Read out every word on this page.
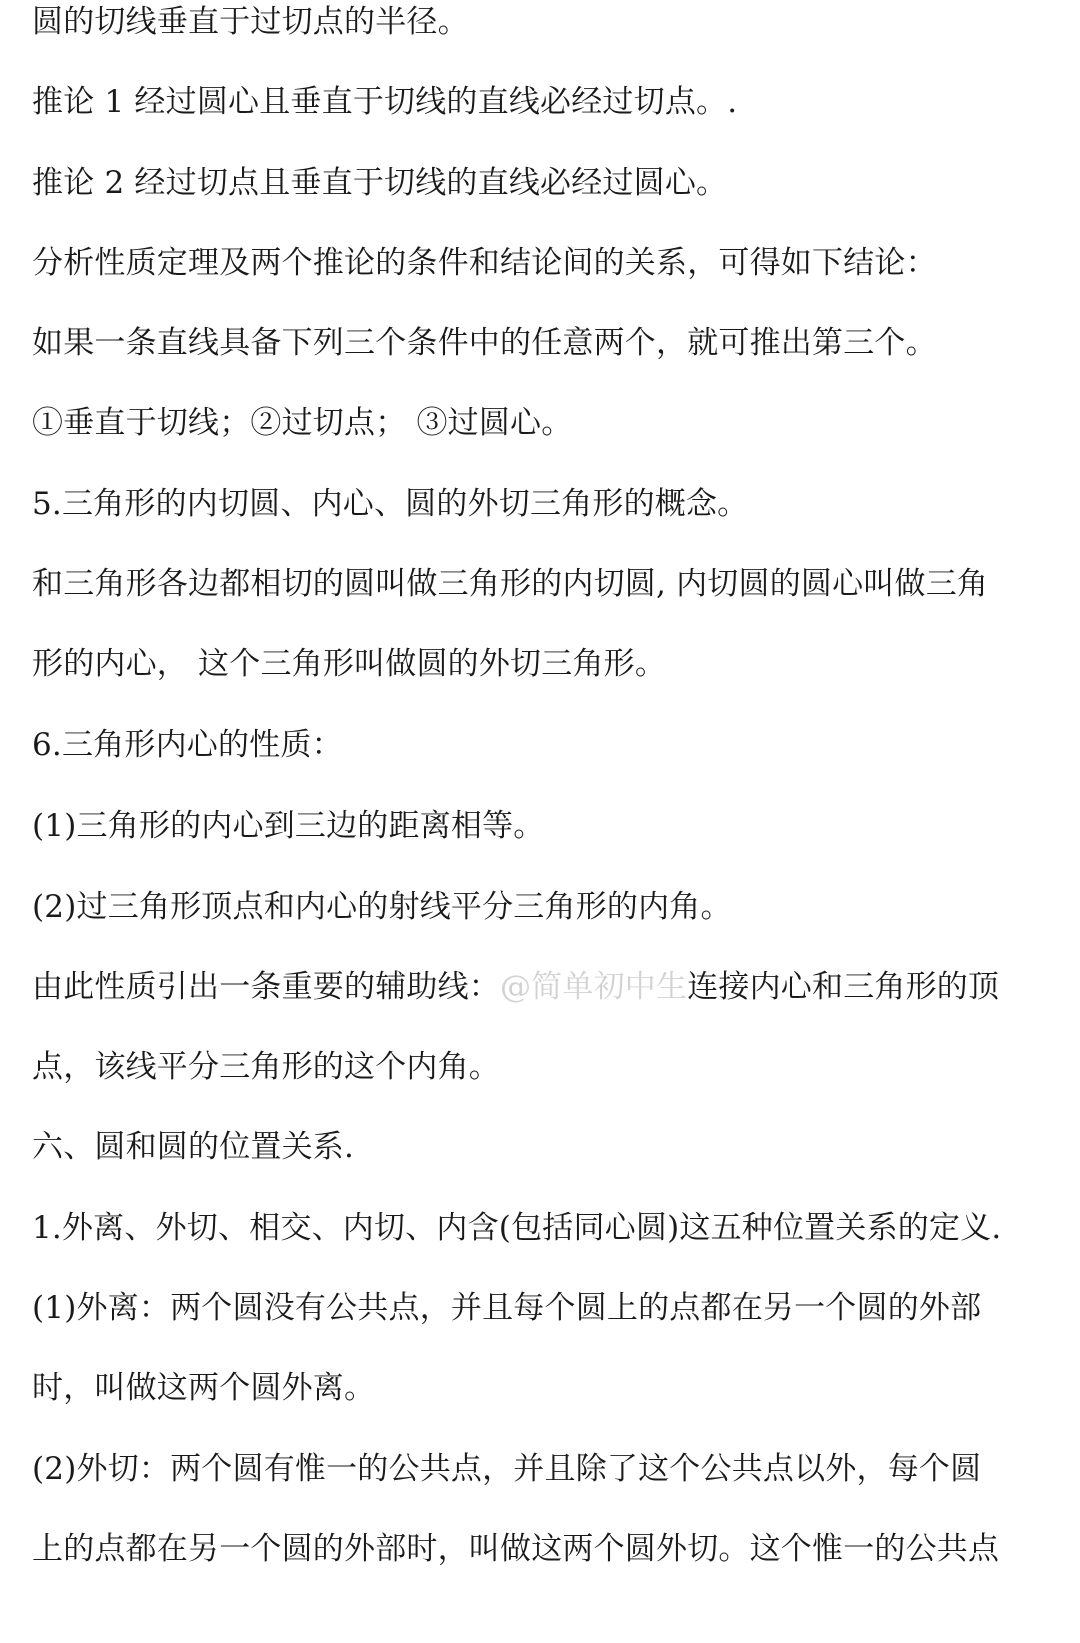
圆的切线垂直于过切点的半径。
推论 1 经过圆心且垂直于切线的直线必经过切点。.
推论 2 经过切点且垂直于切线的直线必经过圆心。
分析性质定理及两个推论的条件和结论间的关系，可得如下结论：
如果一条直线具备下列三个条件中的任意两个，就可推出第三个。
①垂直于切线；②过切点； ③过圆心。
5.三角形的内切圆、内心、圆的外切三角形的概念。
和三角形各边都相切的圆叫做三角形的内切圆, 内切圆的圆心叫做三角
形的内心， 这个三角形叫做圆的外切三角形。
6.三角形内心的性质：
(1)三角形的内心到三边的距离相等。
(2)过三角形顶点和内心的射线平分三角形的内角。
由此性质引出一条重要的辅助线：@简单初中生连接内心和三角形的顶
点，该线平分三角形的这个内角。
六、圆和圆的位置关系.
1.外离、外切、相交、内切、内含(包括同心圆)这五种位置关系的定义.
(1)外离：两个圆没有公共点，并且每个圆上的点都在另一个圆的外部
时，叫做这两个圆外离。
(2)外切：两个圆有惟一的公共点，并且除了这个公共点以外，每个圆
上的点都在另一个圆的外部时，叫做这两个圆外切。这个惟一的公共点
